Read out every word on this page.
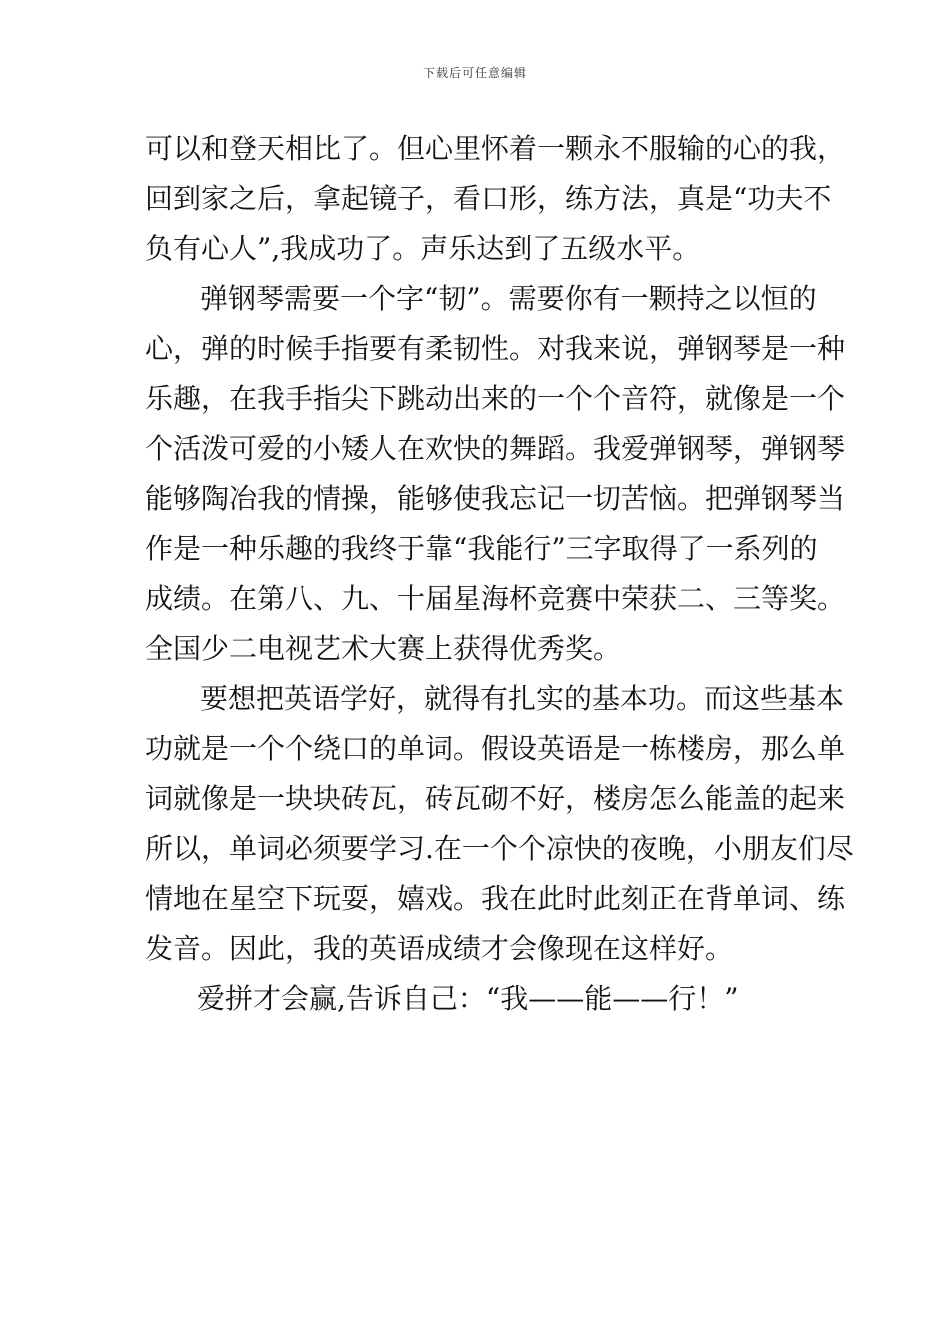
下载后可任意编辑
可以和登天相比了。但心里怀着一颗永不服输的心的我，
回到家之后，拿起镜子，看口形，练方法，真是“功夫不
负有心人”,我成功了。声乐达到了五级水平。
弹钢琴需要一个字“韧”。需要你有一颗持之以恒的
心，弹的时候手指要有柔韧性。对我来说，弹钢琴是一种
乐趣，在我手指尖下跳动出来的一个个音符，就像是一个
个活泼可爱的小矮人在欢快的舞蹈。我爱弹钢琴，弹钢琴
能够陶冶我的情操，能够使我忘记一切苦恼。把弹钢琴当
作是一种乐趣的我终于靠“我能行”三字取得了一系列的
成绩。在第八、九、十届星海杯竞赛中荣获二、三等奖。
全国少二电视艺术大赛上获得优秀奖。
要想把英语学好，就得有扎实的基本功。而这些基本
功就是一个个绕口的单词。假设英语是一栋楼房，那么单
词就像是一块块砖瓦，砖瓦砌不好，楼房怎么能盖的起来
所以，单词必须要学习.在一个个凉快的夜晚，小朋友们尽
情地在星空下玩耍，嬉戏。我在此时此刻正在背单词、练
发音。因此，我的英语成绩才会像现在这样好。
爱拼才会赢,告诉自己：“我——能——行！”
